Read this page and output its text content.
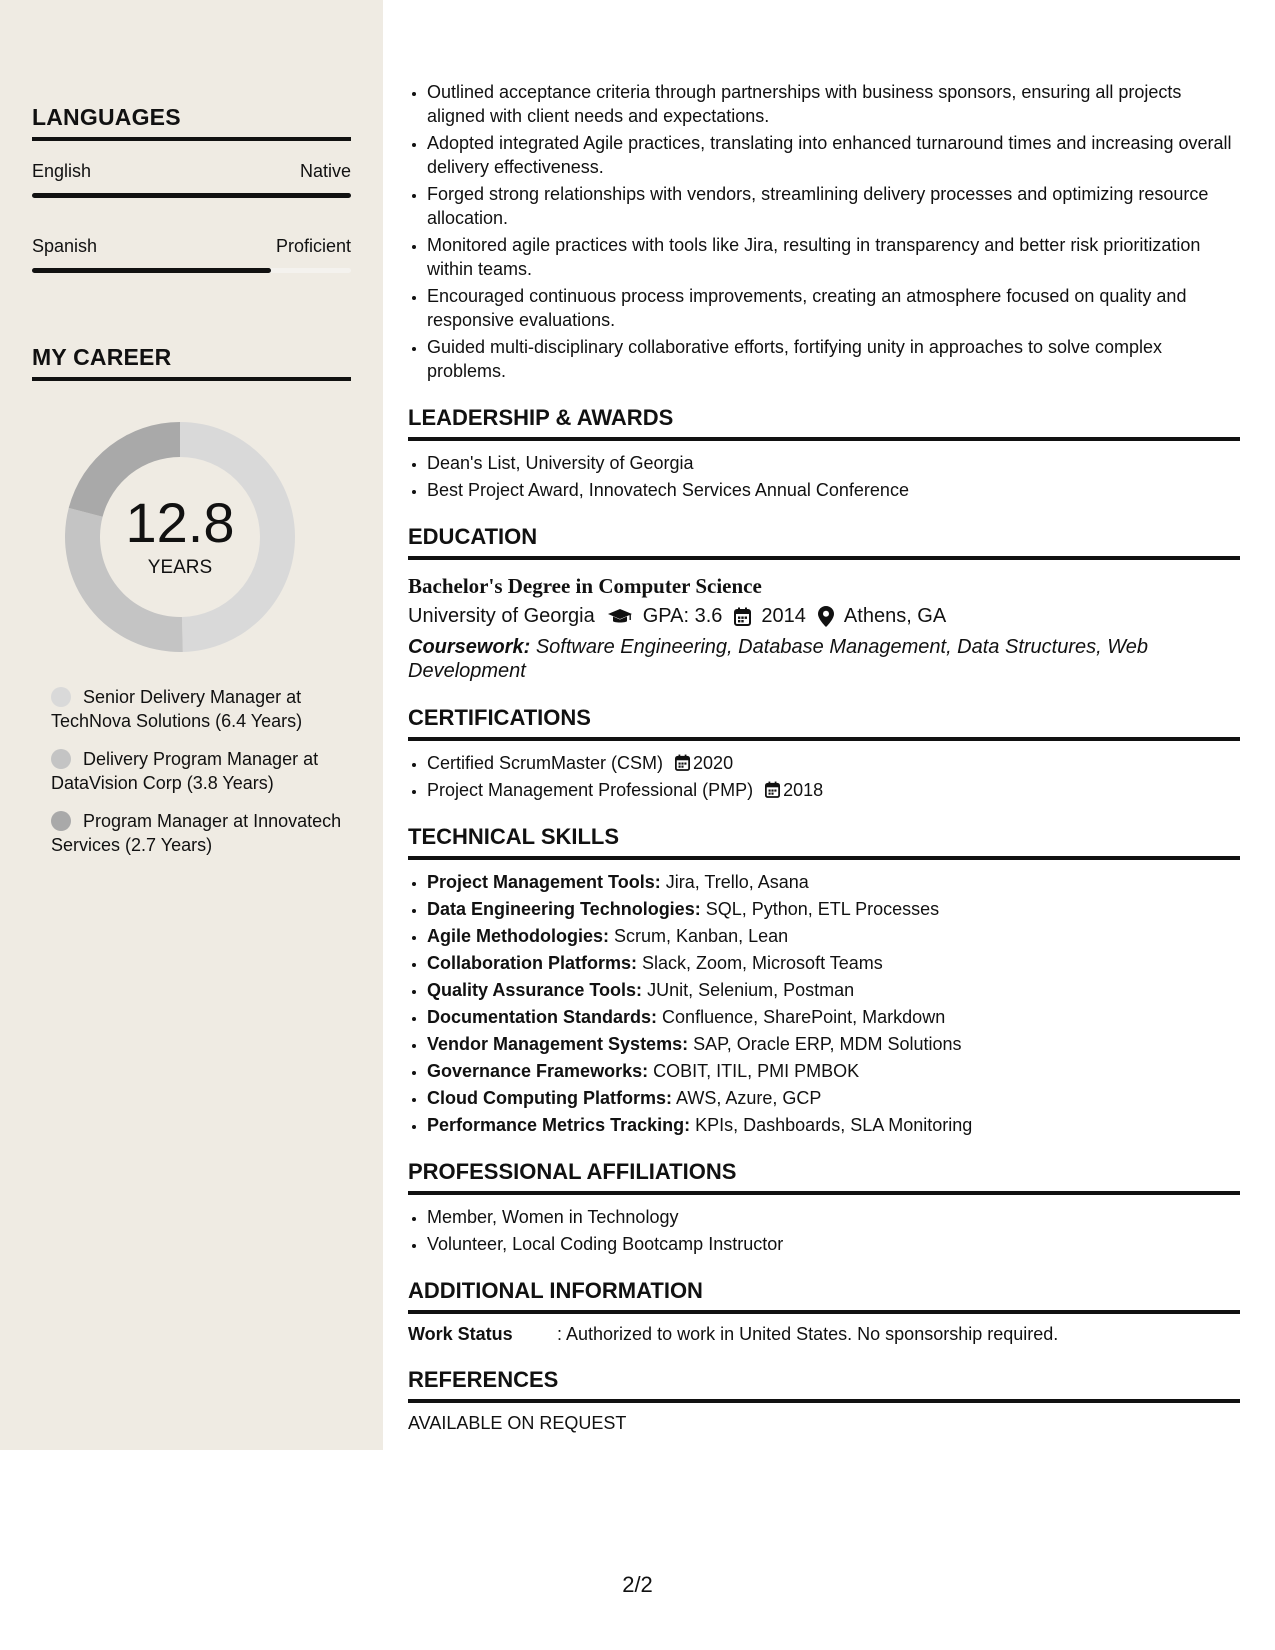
LANGUAGES
English	Native
Spanish	Proficient
MY CAREER
12.8
YEARS
Senior Delivery Manager at TechNova Solutions (6.4 Years)
Delivery Program Manager at DataVision Corp (3.8 Years)
Program Manager at Innovatech Services (2.7 Years)
• Outlined acceptance criteria through partnerships with business sponsors, ensuring all projects aligned with client needs and expectations.
• Adopted integrated Agile practices, translating into enhanced turnaround times and increasing overall delivery effectiveness.
• Forged strong relationships with vendors, streamlining delivery processes and optimizing resource allocation.
• Monitored agile practices with tools like Jira, resulting in transparency and better risk prioritization within teams.
• Encouraged continuous process improvements, creating an atmosphere focused on quality and responsive evaluations.
• Guided multi-disciplinary collaborative efforts, fortifying unity in approaches to solve complex problems.
LEADERSHIP & AWARDS
• Dean's List, University of Georgia
• Best Project Award, Innovatech Services Annual Conference
EDUCATION
Bachelor's Degree in Computer Science
University of Georgia GPA: 3.6 2014 Athens, GA
Coursework: Software Engineering, Database Management, Data Structures, Web Development
CERTIFICATIONS
• Certified ScrumMaster (CSM) 2020
• Project Management Professional (PMP) 2018
TECHNICAL SKILLS
• Project Management Tools: Jira, Trello, Asana
• Data Engineering Technologies: SQL, Python, ETL Processes
• Agile Methodologies: Scrum, Kanban, Lean
• Collaboration Platforms: Slack, Zoom, Microsoft Teams
• Quality Assurance Tools: JUnit, Selenium, Postman
• Documentation Standards: Confluence, SharePoint, Markdown
• Vendor Management Systems: SAP, Oracle ERP, MDM Solutions
• Governance Frameworks: COBIT, ITIL, PMI PMBOK
• Cloud Computing Platforms: AWS, Azure, GCP
• Performance Metrics Tracking: KPIs, Dashboards, SLA Monitoring
PROFESSIONAL AFFILIATIONS
• Member, Women in Technology
• Volunteer, Local Coding Bootcamp Instructor
ADDITIONAL INFORMATION
Work Status	: Authorized to work in United States. No sponsorship required.
REFERENCES
AVAILABLE ON REQUEST
2/2
